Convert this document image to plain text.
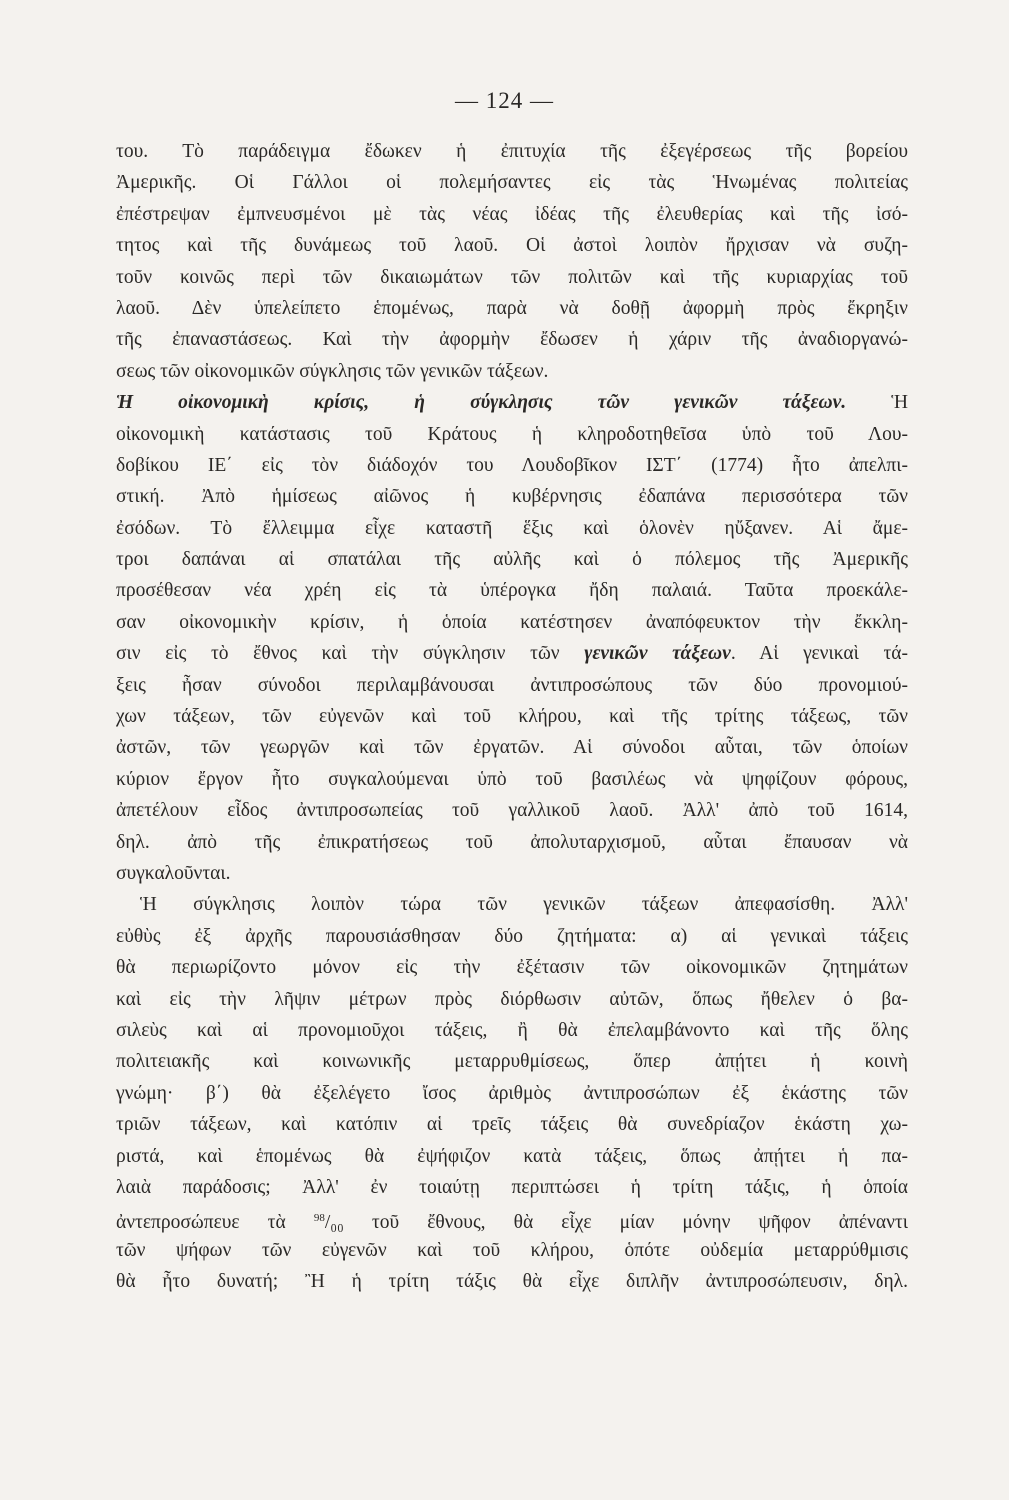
— 124 —
του. Τὸ παράδειγμα ἔδωκεν ἡ ἐπιτυχία τῆς ἐξεγέρσεως τῆς βορείου
Ἀμερικῆς. Οἱ Γάλλοι οἱ πολεμήσαντες εἰς τὰς Ἡνωμένας πολιτείας
ἐπέστρεψαν ἐμπνευσμένοι μὲ τὰς νέας ἰδέας τῆς ἐλευθερίας καὶ τῆς ἰσό-
τητος καὶ τῆς δυνάμεως τοῦ λαοῦ. Οἱ ἀστοὶ λοιπὸν ἤρχισαν νὰ συζη-
τοῦν κοινῶς περὶ τῶν δικαιωμάτων τῶν πολιτῶν καὶ τῆς κυριαρχίας τοῦ
λαοῦ. Δὲν ὑπελείπετο ἑπομένως, παρὰ νὰ δοθῇ ἀφορμὴ πρὸς ἔκρηξιν
τῆς ἐπαναστάσεως. Καὶ τὴν ἀφορμὴν ἔδωσεν ἡ χάριν τῆς ἀναδιοργανώ-
σεως τῶν οἰκονομικῶν σύγκλησις τῶν γενικῶν τάξεων.
Ἡ οἰκονομικὴ κρίσις, ἡ σύγκλησις τῶν γενικῶν τάξεων. Ἡ
οἰκονομικὴ κατάστασις τοῦ Κράτους ἡ κληροδοτηθεῖσα ὑπὸ τοῦ Λου-
δοβίκου ΙΕ΄ εἰς τὸν διάδοχόν του Λουδοβῖκον ΙΣΤ΄ (1774) ἦτο ἀπελπι-
στική. Ἀπὸ ἡμίσεως αἰῶνος ἡ κυβέρνησις ἐδαπάνα περισσότερα τῶν
ἐσόδων. Τὸ ἔλλειμμα εἶχε καταστῆ ἕξις καὶ ὁλονὲν ηὔξανεν. Αἱ ἄμε-
τροι δαπάναι αἱ σπατάλαι τῆς αὐλῆς καὶ ὁ πόλεμος τῆς Ἀμερικῆς
προσέθεσαν νέα χρέη εἰς τὰ ὑπέρογκα ἤδη παλαιά. Ταῦτα προεκάλε-
σαν οἰκονομικὴν κρίσιν, ἡ ὁποία κατέστησεν ἀναπόφευκτον τὴν ἔκκλη-
σιν εἰς τὸ ἔθνος καὶ τὴν σύγκλησιν τῶν γενικῶν τάξεων. Αἱ γενικαὶ τά-
ξεις ἦσαν σύνοδοι περιλαμβάνουσαι ἀντιπροσώπους τῶν δύο προνομιού-
χων τάξεων, τῶν εὐγενῶν καὶ τοῦ κλήρου, καὶ τῆς τρίτης τάξεως, τῶν
ἀστῶν, τῶν γεωργῶν καὶ τῶν ἐργατῶν. Αἱ σύνοδοι αὗται, τῶν ὁποίων
κύριον ἔργον ἦτο συγκαλούμεναι ὑπὸ τοῦ βασιλέως νὰ ψηφίζουν φόρους,
ἀπετέλουν εἶδος ἀντιπροσωπείας τοῦ γαλλικοῦ λαοῦ. Ἀλλ' ἀπὸ τοῦ 1614,
δηλ. ἀπὸ τῆς ἐπικρατήσεως τοῦ ἀπολυταρχισμοῦ, αὗται ἔπαυσαν νὰ
συγκαλοῦνται.
Ἡ σύγκλησις λοιπὸν τώρα τῶν γενικῶν τάξεων ἀπεφασίσθη. Ἀλλ'
εὐθὺς ἐξ ἀρχῆς παρουσιάσθησαν δύο ζητήματα: α) αἱ γενικαὶ τάξεις
θὰ περιωρίζοντο μόνον εἰς τὴν ἐξέτασιν τῶν οἰκονομικῶν ζητημάτων
καὶ εἰς τὴν λῆψιν μέτρων πρὸς διόρθωσιν αὐτῶν, ὅπως ἤθελεν ὁ βα-
σιλεὺς καὶ αἱ προνομιοῦχοι τάξεις, ἢ θὰ ἐπελαμβάνοντο καὶ τῆς ὅλης
πολιτειακῆς καὶ κοινωνικῆς μεταρρυθμίσεως, ὅπερ ἀπῄτει ἡ κοινὴ
γνώμη· β΄) θὰ ἐξελέγετο ἴσος ἀριθμὸς ἀντιπροσώπων ἐξ ἑκάστης τῶν
τριῶν τάξεων, καὶ κατόπιν αἱ τρεῖς τάξεις θὰ συνεδρίαζον ἑκάστη χω-
ριστά, καὶ ἑπομένως θὰ ἐψήφιζον κατὰ τάξεις, ὅπως ἀπῄτει ἡ πα-
λαιὰ παράδοσις; Ἀλλ' ἐν τοιαύτῃ περιπτώσει ἡ τρίτη τάξις, ἡ ὁποία
ἀντεπροσώπευε τὰ	$^{98}$/₀₀ τοῦ ἔθνους, θὰ εἶχε μίαν μόνην ψῆφον ἀπέναντι
τῶν ψήφων τῶν εὐγενῶν καὶ τοῦ κλήρου, ὁπότε οὐδεμία μεταρρύθμισις
θὰ ἦτο δυνατή; Ἢ ἡ τρίτη τάξις θὰ εἶχε διπλῆν ἀντιπροσώπευσιν, δηλ.
